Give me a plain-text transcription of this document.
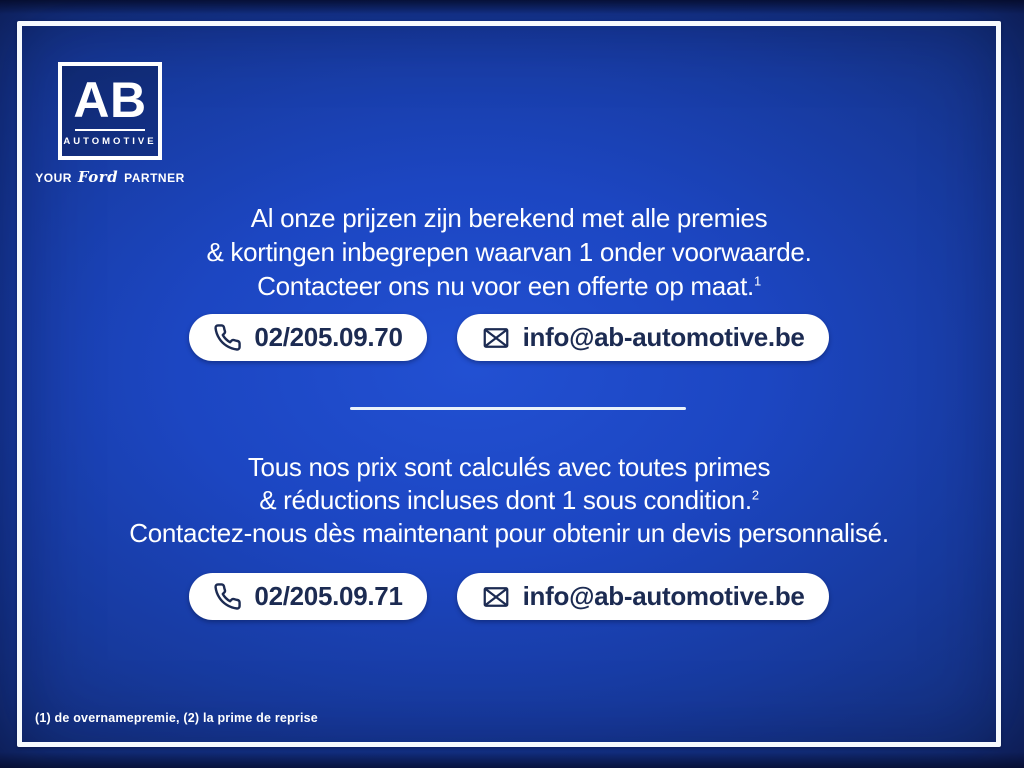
AB
AUTOMOTIVE
YOUR Ford PARTNER
Al onze prijzen zijn berekend met alle premies
& kortingen inbegrepen waarvan 1 onder voorwaarde.
Contacteer ons nu voor een offerte op maat.$^1$
02/205.09.70	info@ab-automotive.be
Tous nos prix sont calculés avec toutes primes
& réductions incluses dont 1 sous condition.$^2$
Contactez-nous dès maintenant pour obtenir un devis personnalisé.
02/205.09.71	info@ab-automotive.be
(1) de overnamepremie, (2) la prime de reprise
